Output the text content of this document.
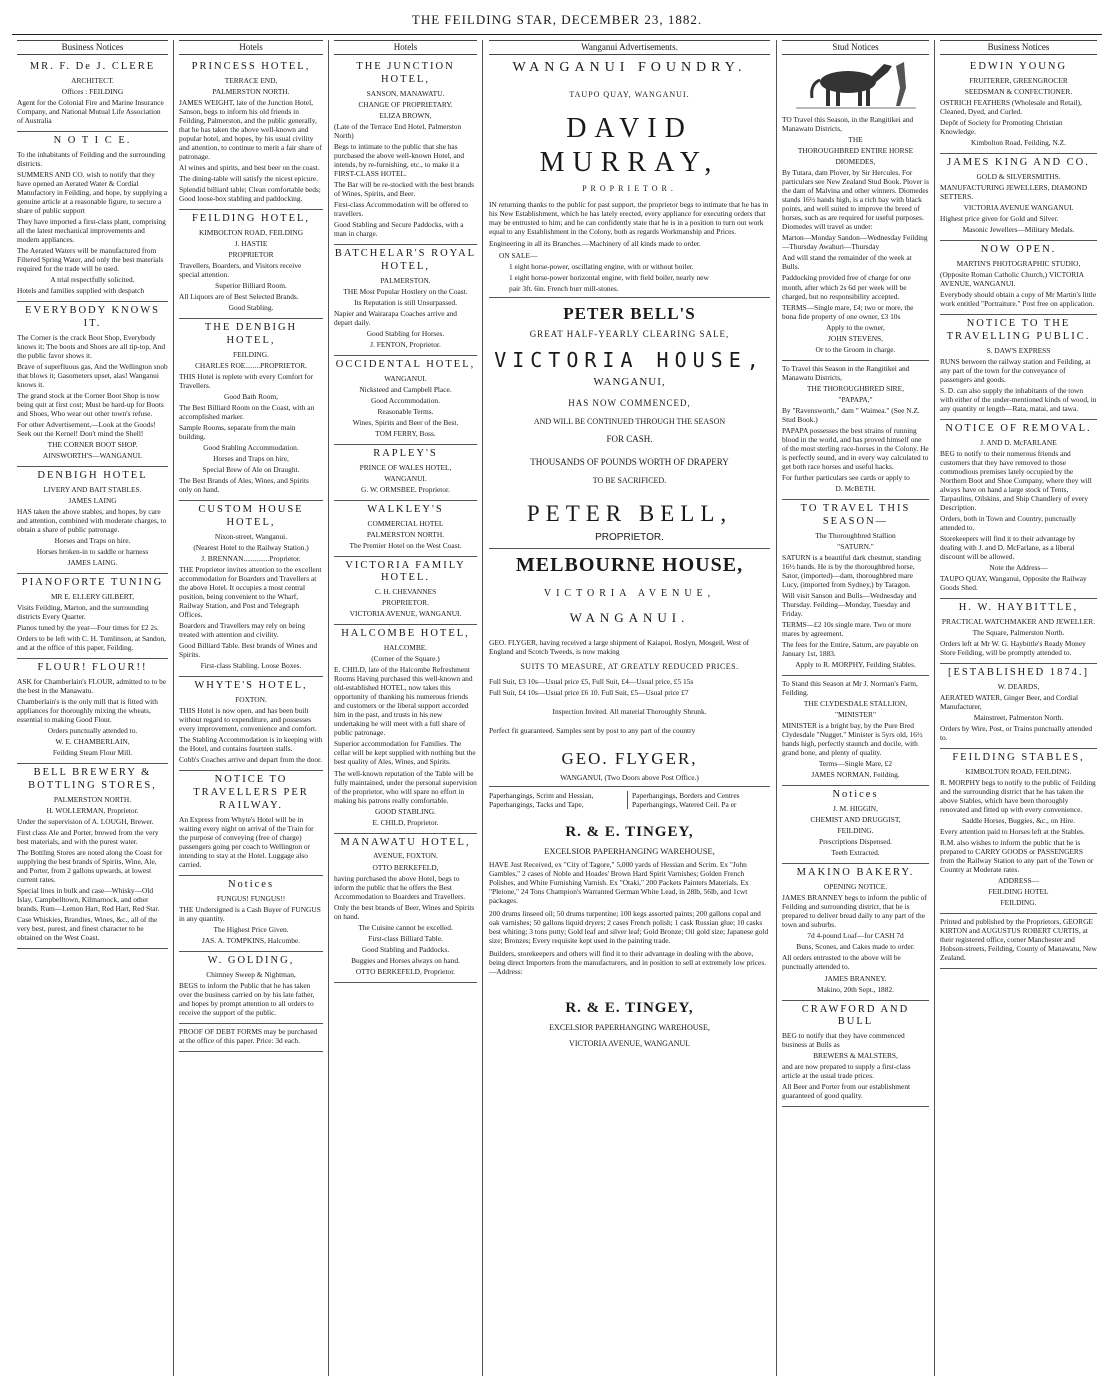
THE FEILDING STAR, DECEMBER 23, 1882.
Business Notices

MR. F. De J. CLERE

ARCHITECT.

Offices : FEILDING

Agent for the Colonial Fire and Marine Insurance Company, and National Mutual Life Association of Australia

N O T I C E.

To the inhabitants of Feilding and the surrounding districts.

SUMMERS AND CO. wish to notify that they have opened an Aerated Water & Cordial Manufactory in Feilding, and hope, by supplying a genuine article at a reasonable figure, to secure a share of public support

They have imported a first-class plant, comprising all the latest mechanical improvements and modern appliances.

The Aerated Waters will be manufactured from Filtered Spring Water, and only the best materials required for the trade will be used.

A trial respectfully solicited.

Hotels and families supplied with despatch

EVERYBODY KNOWS IT.

The Corner is the crack Boot Shop, Everybody knows it; The boots and Shoes are all tip-top, And the public favor shows it.

Brave of superfluous gas, And the Wellington snob that blows it; Gasometers upset, alas! Wanganui knows it.

The grand stock at the Corner Boot Shop is now being quit at first cost; Must be hard-up for Boots and Shoes, Who wear out other town's refuse.

For other Advertisement,—Look at the Goods! Seek out the Kernel! Don't mind the Shell!

THE CORNER BOOT SHOP.

AINSWORTH'S—WANGANUI.

DENBIGH HOTEL

LIVERY AND BAIT STABLES.

JAMES LAING

HAS taken the above stables, and hopes, by care and attention, combined with moderate charges, to obtain a share of public patronage.

Horses and Traps on hire.

Horses broken-in to saddle or harness

JAMES LAING.

PIANOFORTE TUNING

MR E. ELLERY GILBERT,

Visits Feilding, Marton, and the surrounding districts Every Quarter.

Pianos tuned by the year—Four times for £2 2s.

Orders to be left with C. H. Tomlinson, at Sandon, and at the office of this paper, Feilding.

FLOUR! FLOUR!!

ASK for Chamberlain's FLOUR, admitted to to be the best in the Manawatu.

Chamberlain's is the only mill that is fitted with appliances for thoroughly mixing the wheats, essential to making Good Flour.

Orders punctually attended to.

W. E. CHAMBERLAIN,

Feilding Steam Flour Mill.

BELL BREWERY & BOTTLING STORES,

PALMERSTON NORTH.

H. WOLLERMAN, Proprietor.

Under the supervision of A. LOUGH, Brewer.

First class Ale and Porter, brewed from the very best materials, and with the purest water.

The Bottling Stores are noted along the Coast for supplying the best brands of Spirits, Wine, Ale, and Porter, from 2 gallons upwards, at lowest current rates.

Special lines in bulk and case—Whisky—Old Islay, Campbelltown, Kilmarnock, and other brands. Rum—Lemon Hart, Red Hart, Red Star.

Case Whiskies, Brandies, Wines, &c., all of the very best, purest, and finest character to be obtained on the West Coast.

Hotels

PRINCESS HOTEL,

TERRACE END,

PALMERSTON NORTH.

JAMES WEIGHT, late of the Junction Hotel, Sanson, begs to inform his old friends in Feilding, Palmerston, and the public generally, that he has taken the above well-known and popular hotel, and hopes, by his usual civility and attention, to continue to merit a fair share of patronage.

Al wines and spirits, and best beer on the coast.

The dining-table will satisfy the nicest epicure.

Splendid billiard table; Clean comfortable beds; Good loose-box stabling and paddocking.

FEILDING HOTEL,

KIMBOLTON ROAD, FEILDING

J. HASTIE

PROPRIETOR

Travellers, Boarders, and Visitors receive special attention.

Superior Billiard Room.

All Liquors are of Best Selected Brands.

Good Stabling.

THE DENBIGH HOTEL,

FEILDING.

CHARLES ROE........PROPRIETOR.

THIS Hotel is replete with every Comfort for Travellers.

Good Bath Room,

The Best Billiard Room on the Coast, with an accomplished marker.

Sample Rooms, separate from the main building.

Good Stabling Accommodation.

Horses and Traps on hire,

Special Brew of Ale on Draught.

The Best Brands of Ales, Wines, and Spirits only on hand.

CUSTOM HOUSE HOTEL,

Nixon-street, Wanganui.

(Nearest Hotel to the Railway Station.)

J. BRENNAN..............Proprietor.

THE Proprietor invites attention to the excellent accommodation for Boarders and Travellers at the above Hotel. It occupies a most central position, being convenient to the Wharf, Railway Station, and Post and Telegraph Offices.

Boarders and Travellers may rely on being treated with attention and civility.

Good Billiard Table. Best brands of Wines and Spirits.

First-class Stabling. Loose Boxes.

WHYTE'S HOTEL,

FOXTON.

THIS Hotel is now open, and has been built without regard to expenditure, and possesses every improvement, convenience and comfort.

The Stabling Accommodation is in keeping with the Hotel, and contains fourteen stalls.

Cobb's Coaches arrive and depart from the door.

NOTICE TO TRAVELLERS PER RAILWAY.

An Express from Whyte's Hotel will be in waiting every night on arrival of the Train for the purpose of conveying (free of charge) passengers going per coach to Wellington or intending to stay at the Hotel. Luggage also carried.

Notices

FUNGUS! FUNGUS!!

THE Undersigned is a Cash Buyer of FUNGUS in any quantity.

The Highest Price Given.

JAS. A. TOMPKINS, Halcombe.

W. GOLDING,

Chimney Sweep & Nightman,

BEGS to inform the Public that he has taken over the business carried on by his late father, and hopes by prompt attention to all orders to receive the support of the public.

PROOF OF DEBT FORMS may be purchased at the office of this paper. Price: 3d each.

Hotels

THE JUNCTION HOTEL,

SANSON, MANAWATU.

CHANGE OF PROPRIETARY.

ELIZA BROWN,

(Late of the Terrace End Hotel, Palmerston North)

Begs to intimate to the public that she has purchased the above well-known Hotel, and intends, by re-furnishing, etc., to make it a FIRST-CLASS HOTEL.

The Bar will be re-stocked with the best brands of Wines, Spirits, and Beer.

First-class Accommodation will be offered to travellers.

Good Stabling and Secure Paddocks, with a man in charge.

BATCHELAR'S ROYAL HOTEL,

PALMERSTON.

THE Most Popular Hostlery on the Coast.

Its Reputation is still Unsurpassed.

Napier and Wairarapa Coaches arrive and depart daily.

Good Stabling for Horses.

J. FENTON, Proprietor.

OCCIDENTAL HOTEL,

WANGANUI.

Nicksteed and Campbell Place.

Good Accommodation.

Reasonable Terms.

Wines, Spirits and Beer of the Best.

TOM FERRY, Boss.

RAPLEY'S

PRINCE OF WALES HOTEL,

WANGANUI.

G. W. ORMSBEE. Proprietor.

WALKLEY'S

COMMERCIAL HOTEL

PALMERSTON NORTH.

The Premier Hotel on the West Coast.

VICTORIA FAMILY HOTEL.

C. H. CHEVANNES

PROPRIETOR.

VICTORIA AVENUE, WANGANUI.

HALCOMBE HOTEL,

HALCOMBE.

(Corner of the Square.)

E. CHILD, late of the Halcombe Refreshment Rooms Having purchased this well-known and old-established HOTEL, now takes this opportunity of thanking his numerous friends and customers or the liberal support accorded him in the past, and trusts in his new undertaking he will meet with a full share of public patronage.

Superior accommodation for Families. The cellar will be kept supplied with nothing but the best quality of Ales, Wines, and Spirits.

The well-known reputation of the Table will be fully maintained, under the personal supervision of the proprietor, who will spare no effort in making his patrons really comfortable.

GOOD STABLING.

E. CHILD, Proprietor.

MANAWATU HOTEL,

AVENUE, FOXTON.

OTTO BERKEFELD,

having purchased the above Hotel, begs to inform the public that he offers the Best Accommodation to Boarders and Travellers.

Only the best brands of Beer, Wines and Spirits on hand.

The Cuisine cannot be excelled.

First-class Billiard Table.

Good Stabling and Paddocks.

Buggies and Horses always on hand.

OTTO BERKEFELD, Proprietor.

Wanganui Advertisements.
WANGANUI FOUNDRY.
TAUPO QUAY, WANGANUI.
DAVID MURRAY,
PROPRIETOR.

IN returning thanks to the public for past support, the proprietor begs to intimate that he has in his New Establishment, which he has lately erected, every appliance for executing orders that may be entrusted to him; and he can confidently state that he is in a position to turn out work equal to any Establishment in the Colony, both as regards Workmanship and Prices.

Engineering in all its Branches.—Machinery of all kinds made to order.

ON SALE—

1 eight horse-power, oscillating engine, with or without boiler.

1 eight horse-power horizontal engine, with field boiler, nearly new

pair 3ft. 6in. French burr mill-stones.

PETER BELL'S
GREAT HALF-YEARLY CLEARING SALE,
VICTORIA HOUSE,
WANGANUI,
HAS NOW COMMENCED,
AND WILL BE CONTINUED THROUGH THE SEASON
FOR CASH.
THOUSANDS OF POUNDS WORTH OF DRAPERY
TO BE SACRIFICED.
PETER BELL,
PROPRIETOR.
MELBOURNE HOUSE,
VICTORIA AVENUE,
WANGANUI.

GEO. FLYGER, having received a large shipment of Kaiapoi, Roslyn, Mosgeil, West of England and Scotch Tweeds, is now making

SUITS TO MEASURE, AT GREATLY REDUCED PRICES.

Full Suit, £3 10s—Usual price £5, Full Suit, £4—Usual price, £5 15s

Full Suit, £4 10s—Usual price £6 10. Full Suit, £5—Usual price £7

Inspection Invited. All material Thoroughly Shrunk.

Perfect fit guaranteed. Samples sent by post to any part of the country

GEO. FLYGER,
WANGANUI, (Two Doors above Post Office.)
Paperhangings, Scrim and Hessian,
Paperhangings, Tacks and Tape,
Paperhangings, Borders and Centres
Paperhangings, Watered Ceil. Pa er
R. & E. TINGEY,
EXCELSIOR PAPERHANGING WAREHOUSE,

HAVE Just Received, ex "City of Tagore," 5,000 yards of Hessian and Scrim. Ex "John Gambles," 2 cases of Noble and Hoades' Brown Hard Spirit Varnishes; Golden French Polishes, and White Furnishing Varnish. Ex "Otaki," 200 Packets Painters Materials. Ex "Pleione," 24 Tons Champion's Warranted German White Lead, in 28lb, 56lb, and 1cwt packages.

200 drums linseed oil; 50 drums turpentine; 100 kegs assorted paints; 200 gallons copal and oak varnishes; 50 gallons liquid dryers; 2 cases French polish; 1 cask Russian glue; 10 casks best whiting; 3 tons putty; Gold leaf and silver leaf; Gold Bronze; Oil gold size; Japanese gold size; Bronzes; Every requisite kept used in the painting trade.

Builders, storekeepers and others will find it to their advantage in dealing with the above, being direct Importers from the manufacturers, and in position to sell at extremely low prices.—Address:

R. & E. TINGEY,
EXCELSIOR PAPERHANGING WAREHOUSE,
VICTORIA AVENUE, WANGANUI.
Stud Notices

TO Travel this Season, in the Rangitikei and Manawatu Districts,

THE

THOROUGHBRED ENTIRE HORSE

DIOMEDES,

By Tutara, dam Plover, by Sir Hercules. For particulars see New Zealand Stud Book. Plover is the dam of Malvina and other winners. Diomedes stands 16½ hands high, is a rich bay with black points, and well suited to improve the breed of horses, such as are required for useful purposes. Diomedes will travel as under:

Marton—Monday Sandon—Wednesday Feilding—Thursday Awahuri—Thursday

And will stand the remainder of the week at Bulls.

Paddocking provided free of charge for one month, after which 2s 6d per week will be charged, but no responsibility accepted.

TERMS—Single mare, £4; two or more, the bona fide property of one owner, £3 10s

Apply to the owner,

JOHN STEVENS,

Or to the Groom in charge.

To Travel this Season in the Rangitikei and Manawatu Districts,

THE THOROUGHBRED SIRE,

"PAPAPA,"

By "Ravensworth," dam " Waimea." (See N.Z. Stud Book.)

PAPAPA possesses the best strains of running blood in the world, and has proved himself one of the most sterling race-horses in the Colony. He is perfectly sound, and in every way calculated to get both race horses and useful hacks.

For further particulars see cards or apply to

D. McBETH.

TO TRAVEL THIS SEASON—

The Thoroughbred Stallion

"SATURN."

SATURN is a beautiful dark chestnut, standing 16½ hands. He is by the thoroughbred horse, Sator, (imported)—dam, thoroughbred mare Lucy, (imported from Sydney,) by Taragon.

Will visit Sanson and Bulls—Wednesday and Thursday. Feilding—Monday, Tuesday and Friday.

TERMS—£2 10s single mare. Two or more mares by agreement.

The fees for the Entire, Saturn, are payable on January 1st, 1883.

Apply to R. MORPHY, Feilding Stables.

To Stand this Season at Mr J. Norman's Farm, Feilding.

THE CLYDESDALE STALLION,

"MINISTER"

MINISTER is a bright bay, by the Pure Bred Clydesdale "Nugget." Minister is 5yrs old, 16½ hands high, perfectly staunch and docile, with grand bone, and plenty of quality.

Terms—Single Mare, £2

JAMES NORMAN, Feilding.

Notices

J. M. HIGGIN,

CHEMIST AND DRUGGIST,

FEILDING.

Prescriptions Dispensed.

Teeth Extracted.

MAKINO BAKERY.

OPENING NOTICE.

JAMES BRANNEY begs to inform the public of Feilding and surrounding district, that he is prepared to deliver bread daily to any part of the town and suburbs.

7d 4-pound Loaf—for CASH 7d

Buns, Scones, and Cakes made to order.

All orders entrusted to the above will be punctually attended to.

JAMES BRANNEY.

Makino, 20th Sept., 1882.

CRAWFORD AND BULL

BEG to notify that they have commenced business at Bulls as

BREWERS & MALSTERS,

and are now prepared to supply a first-class article at the usual trade prices.

All Beer and Porter from our establishment guaranteed of good quality.

Business Notices

EDWIN YOUNG

FRUITERER, GREENGROCER

SEEDSMAN & CONFECTIONER.

OSTRICH FEATHERS (Wholesale and Retail), Cleaned, Dyed, and Curled.

Depôt of Society for Promoting Christian Knowledge.

Kimbolton Road, Feilding, N.Z.

JAMES KING AND CO.

GOLD & SILVERSMITHS.

MANUFACTURING JEWELLERS, DIAMOND SETTERS.

VICTORIA AVENUE WANGANUI.

Highest price given for Gold and Silver.

Masonic Jewellers—Military Medals.

NOW OPEN.

MARTIN'S PHOTOGRAPHIC STUDIO,

(Opposite Roman Catholic Church,) VICTORIA AVENUE, WANGANUI.

Everybody should obtain a copy of Mr Martin's little work entitled "Portraiture." Post free on application.

NOTICE TO THE TRAVELLING PUBLIC.

S. DAW'S EXPRESS

RUNS between the railway station and Feilding, at any part of the town for the conveyance of passengers and goods.

S. D. can also supply the inhabitants of the town with either of the under-mentioned kinds of wood, in any quantity or length—Rata, matai, and tawa.

NOTICE OF REMOVAL.

J. AND D. McFARLANE

BEG to notify to their numerous friends and customers that they have removed to those commodious premises lately occupied by the Northern Boot and Shoe Company, where they will always have on hand a large stock of Tents, Tarpaulins, Oilskins, and Ship Chandlery of every Description.

Orders, both in Town and Country, punctually attended to.

Storekeepers will find it to their advantage by dealing with J. and D. McFarlane, as a liberal discount will be allowed.

Note the Address—

TAUPO QUAY, Wanganui, Opposite the Railway Goods Shed.

H. W. HAYBITTLE,

PRACTICAL WATCHMAKER AND JEWELLER.

The Square, Palmerston North.

Orders left at Mr W. G. Haybittle's Ready Money Store Feilding, will be promptly attended to.

[ESTABLISHED 1874.]

W. DEARDS,

AERATED WATER, Ginger Beer, and Cordial Manufacturer,

Mainstreet, Palmerston North.

Orders by Wire, Post, or Trains punctually attended to.

FEILDING STABLES,

KIMBOLTON ROAD, FEILDING.

R. MORPHY begs to notify to the public of Feilding and the surrounding district that he has taken the above Stables, which have been thoroughly renovated and fitted up with every convenience.

Saddle Horses, Buggies, &c., on Hire.

Every attention paid to Horses left at the Stables.

R.M. also wishes to inform the public that he is prepared to CARRY GOODS or PASSENGERS from the Railway Station to any part of the Town or Country at Moderate rates.

ADDRESS—

FEILDING HOTEL

FEILDING.

Printed and published by the Proprietors, GEORGE KIRTON and AUGUSTUS ROBERT CURTIS, at their registered office, corner Manchester and Hobson-streets, Feilding, County of Manawatu, New Zealand.
